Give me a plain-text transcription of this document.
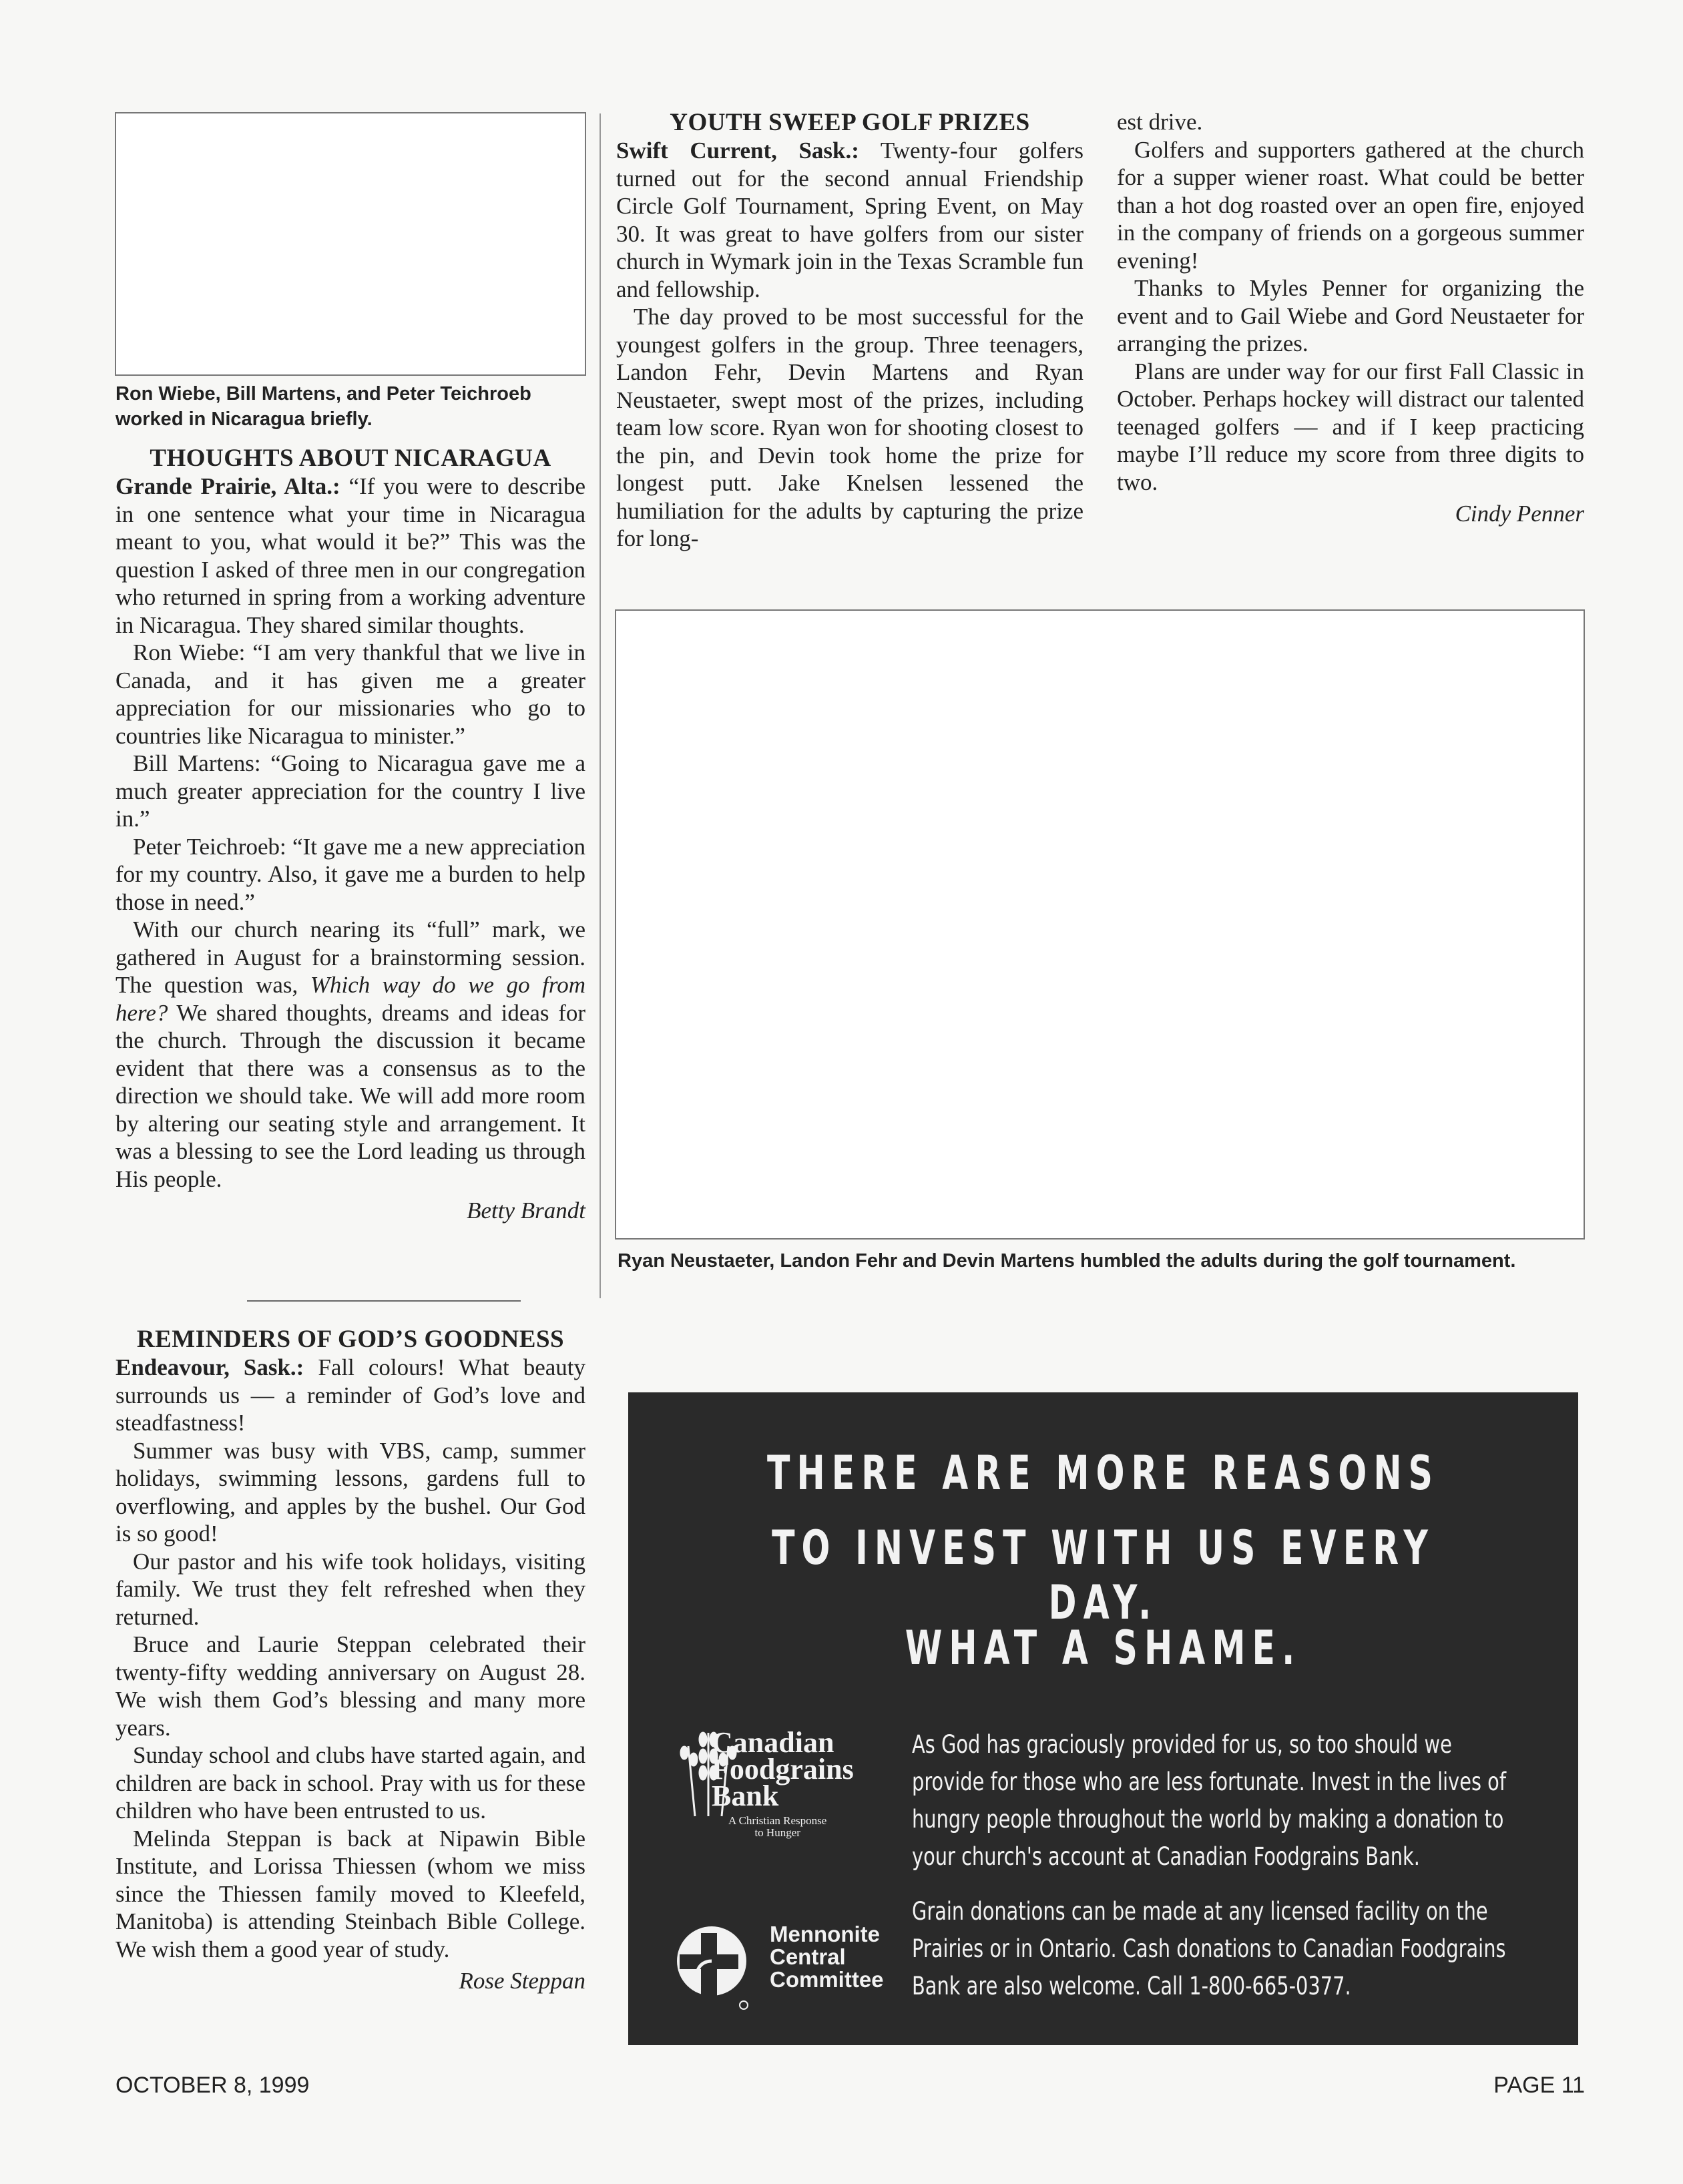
Ron Wiebe, Bill Martens, and Peter Teichroeb worked in Nicaragua briefly.
THOUGHTS ABOUT NICARAGUA

Grande Prairie, Alta.: “If you were to describe in one sentence what your time in Nicaragua meant to you, what would it be?” This was the question I asked of three men in our congregation who returned in spring from a working adventure in Nicaragua. They shared similar thoughts.

Ron Wiebe: “I am very thankful that we live in Canada, and it has given me a greater appreciation for our missionaries who go to countries like Nicaragua to minister.”

Bill Martens: “Going to Nicaragua gave me a much greater appreciation for the country I live in.”

Peter Teichroeb: “It gave me a new appreciation for my country. Also, it gave me a burden to help those in need.”

With our church nearing its “full” mark, we gathered in August for a brainstorming session. The question was, Which way do we go from here? We shared thoughts, dreams and ideas for the church. Through the discussion it became evident that there was a consensus as to the direction we should take. We will add more room by altering our seating style and arrangement. It was a blessing to see the Lord leading us through His people.

Betty Brandt

REMINDERS OF GOD’S GOODNESS

Endeavour, Sask.: Fall colours! What beauty surrounds us — a reminder of God’s love and steadfastness!

Summer was busy with VBS, camp, summer holidays, swimming lessons, gardens full to overflowing, and apples by the bushel. Our God is so good!

Our pastor and his wife took holidays, visiting family. We trust they felt refreshed when they returned.

Bruce and Laurie Steppan celebrated their twenty-fifty wedding anniversary on August 28. We wish them God’s blessing and many more years.

Sunday school and clubs have started again, and children are back in school. Pray with us for these children who have been entrusted to us.

Melinda Steppan is back at Nipawin Bible Institute, and Lorissa Thiessen (whom we miss since the Thiessen family moved to Kleefeld, Manitoba) is attending Steinbach Bible College. We wish them a good year of study.

Rose Steppan

YOUTH SWEEP GOLF PRIZES

Swift Current, Sask.: Twenty-four golfers turned out for the second annual Friendship Circle Golf Tournament, Spring Event, on May 30. It was great to have golfers from our sister church in Wymark join in the Texas Scramble fun and fellowship.

The day proved to be most successful for the youngest golfers in the group. Three teenagers, Landon Fehr, Devin Martens and Ryan Neustaeter, swept most of the prizes, including team low score. Ryan won for shooting closest to the pin, and Devin took home the prize for longest putt. Jake Knelsen lessened the humiliation for the adults by capturing the prize for long-

est drive.

Golfers and supporters gathered at the church for a supper wiener roast. What could be better than a hot dog roasted over an open fire, enjoyed in the company of friends on a gorgeous summer evening!

Thanks to Myles Penner for organizing the event and to Gail Wiebe and Gord Neustaeter for arranging the prizes.

Plans are under way for our first Fall Classic in October. Perhaps hockey will distract our talented teenaged golfers — and if I keep practicing maybe I’ll reduce my score from three digits to two.

Cindy Penner

Ryan Neustaeter, Landon Fehr and Devin Martens humbled the adults during the golf tournament.
THERE ARE MORE REASONS
TO INVEST WITH US EVERY DAY.
WHAT A SHAME.
Canadian
Foodgrains
Bank
A Christian Response
to Hunger
Mennonite
Central
Committee
As God has graciously provided for us, so too should we
provide for those who are less fortunate. Invest in the lives of
hungry people throughout the world by making a donation to
your church's account at Canadian Foodgrains Bank.
Grain donations can be made at any licensed facility on the
Prairies or in Ontario. Cash donations to Canadian Foodgrains
Bank are also welcome. Call 1-800-665-0377.
OCTOBER 8, 1999	PAGE 11
